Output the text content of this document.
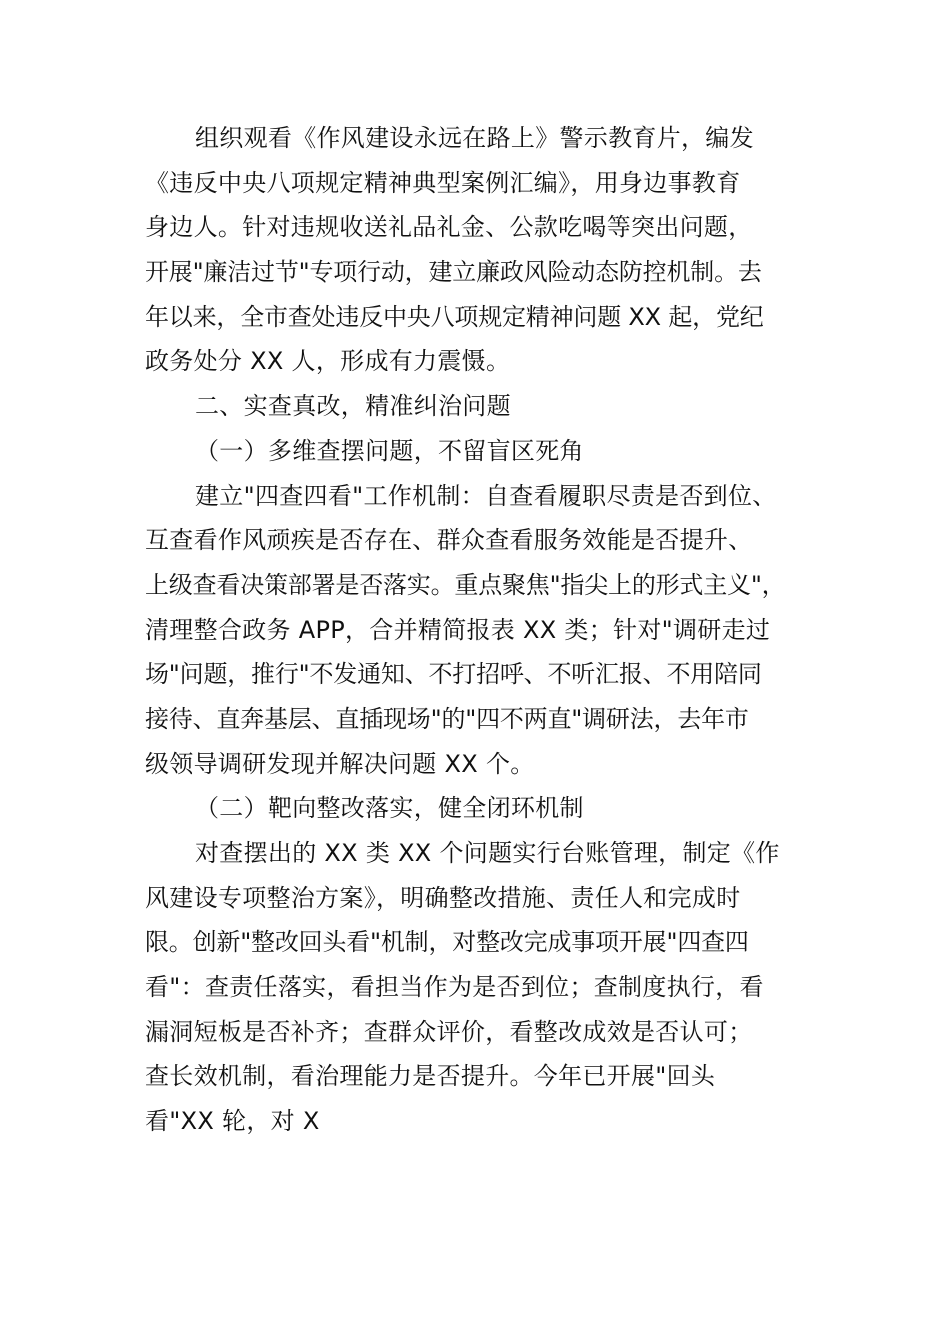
组织观看《作风建设永远在路上》警示教育片，编发
《违反中央八项规定精神典型案例汇编》，用身边事教育
身边人。针对违规收送礼品礼金、公款吃喝等突出问题，
开展"廉洁过节"专项行动，建立廉政风险动态防控机制。去
年以来，全市查处违反中央八项规定精神问题 XX 起，党纪
政务处分 XX 人，形成有力震慑。
二、实查真改，精准纠治问题
（一）多维查摆问题，不留盲区死角
建立"四查四看"工作机制：自查看履职尽责是否到位、
互查看作风顽疾是否存在、群众查看服务效能是否提升、
上级查看决策部署是否落实。重点聚焦"指尖上的形式主义"，
清理整合政务 APP，合并精简报表 XX 类；针对"调研走过
场"问题，推行"不发通知、不打招呼、不听汇报、不用陪同
接待、直奔基层、直插现场"的"四不两直"调研法，去年市
级领导调研发现并解决问题 XX 个。
（二）靶向整改落实，健全闭环机制
对查摆出的 XX 类 XX 个问题实行台账管理，制定《作
风建设专项整治方案》，明确整改措施、责任人和完成时
限。创新"整改回头看"机制，对整改完成事项开展"四查四
看"：查责任落实，看担当作为是否到位；查制度执行，看
漏洞短板是否补齐；查群众评价，看整改成效是否认可；
查长效机制，看治理能力是否提升。今年已开展"回头
看"XX 轮，对 X
